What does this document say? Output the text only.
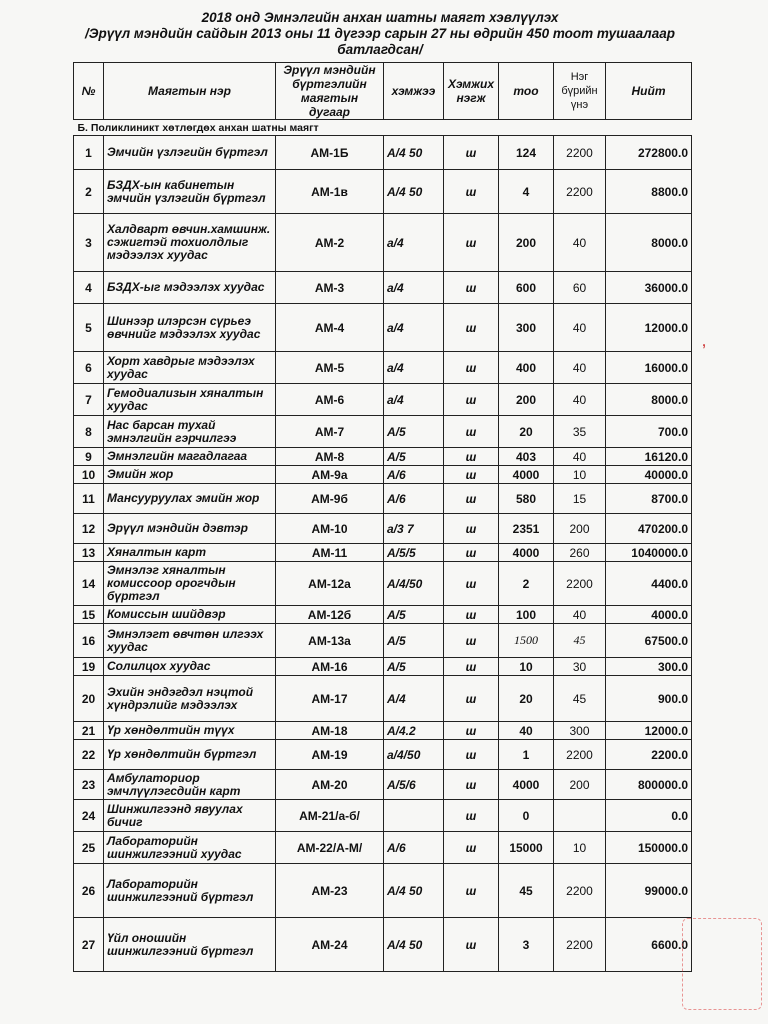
2018 онд Эмнэлгийн анхан шатны маягт хэвлүүлэх
/Эрүүл мэндийн сайдын 2013 оны 11 дүгээр сарын 27 ны өдрийн 450 тоот тушаалаар
батлагдсан/
№	Маягтын нэр	Эрүүл мэндийн бүртгэлийн маягтын дугаар	хэмжээ	Хэмжих нэгж	тоо	Нэг бүрийн үнэ	Нийт
Б. Поликлиникт хөтлөгдөх анхан шатны маягт							
1	Эмчийн үзлэгийн бүртгэл	АМ-1Б	А/4 50	ш	124	2200	272800.0
2	БЗДХ-ын кабинетын эмчийн үзлэгийн бүртгэл	АМ-1в	А/4 50	ш	4	2200	8800.0
3	Халдварт өвчин.хамшинж. сэжигтэй тохиолдлыг мэдээлэх хуудас	АМ-2	а/4	ш	200	40	8000.0
4	БЗДХ-ыг мэдээлэх хуудас	АМ-3	а/4	ш	600	60	36000.0
5	Шинээр илэрсэн сүрьеэ өвчнийг мэдээлэх хуудас	АМ-4	а/4	ш	300	40	12000.0
6	Хорт хавдрыг мэдээлэх хуудас	АМ-5	а/4	ш	400	40	16000.0
7	Гемодиализын хяналтын хуудас	АМ-6	а/4	ш	200	40	8000.0
8	Нас барсан тухай эмнэлгийн гэрчилгээ	АМ-7	А/5	ш	20	35	700.0
9	Эмнэлгийн магадлагаа	АМ-8	А/5	ш	403	40	16120.0
10	Эмийн жор	АМ-9а	А/6	ш	4000	10	40000.0
11	Мансууруулах эмийн жор	АМ-9б	А/6	ш	580	15	8700.0
12	Эрүүл мэндийн дэвтэр	АМ-10	а/3 7	ш	2351	200	470200.0
13	Хяналтын карт	АМ-11	А/5/5	ш	4000	260	1040000.0
14	Эмнэлэг хяналтын комиссоор орогчдын бүртгэл	АМ-12а	А/4/50	ш	2	2200	4400.0
15	Комиссын шийдвэр	АМ-12б	А/5	ш	100	40	4000.0
16	Эмнэлэгт өвчтөн илгээх хуудас	АМ-13а	А/5	ш	1500	45	67500.0
19	Солилцох хуудас	АМ-16	А/5	ш	10	30	300.0
20	Эхийн эндэгдэл нэцтой хүндрэлийг мэдээлэх	АМ-17	А/4	ш	20	45	900.0
21	Үр хөндөлтийн түүх	АМ-18	А/4.2	ш	40	300	12000.0
22	Үр хөндөлтийн бүртгэл	АМ-19	а/4/50	ш	1	2200	2200.0
23	Амбулаториор эмчлүүлэгсдийн карт	АМ-20	А/5/6	ш	4000	200	800000.0
24	Шинжилгээнд явуулах бичиг	АМ-21/а-б/		ш	0		0.0
25	Лабораторийн шинжилгээний хуудас	АМ-22/А-М/	А/6	ш	15000	10	150000.0
26	Лабораторийн шинжилгээний бүртгэл	АМ-23	А/4 50	ш	45	2200	99000.0
27	Үйл оношийн шинжилгээний бүртгэл	АМ-24	А/4 50	ш	3	2200	6600.0
‚
